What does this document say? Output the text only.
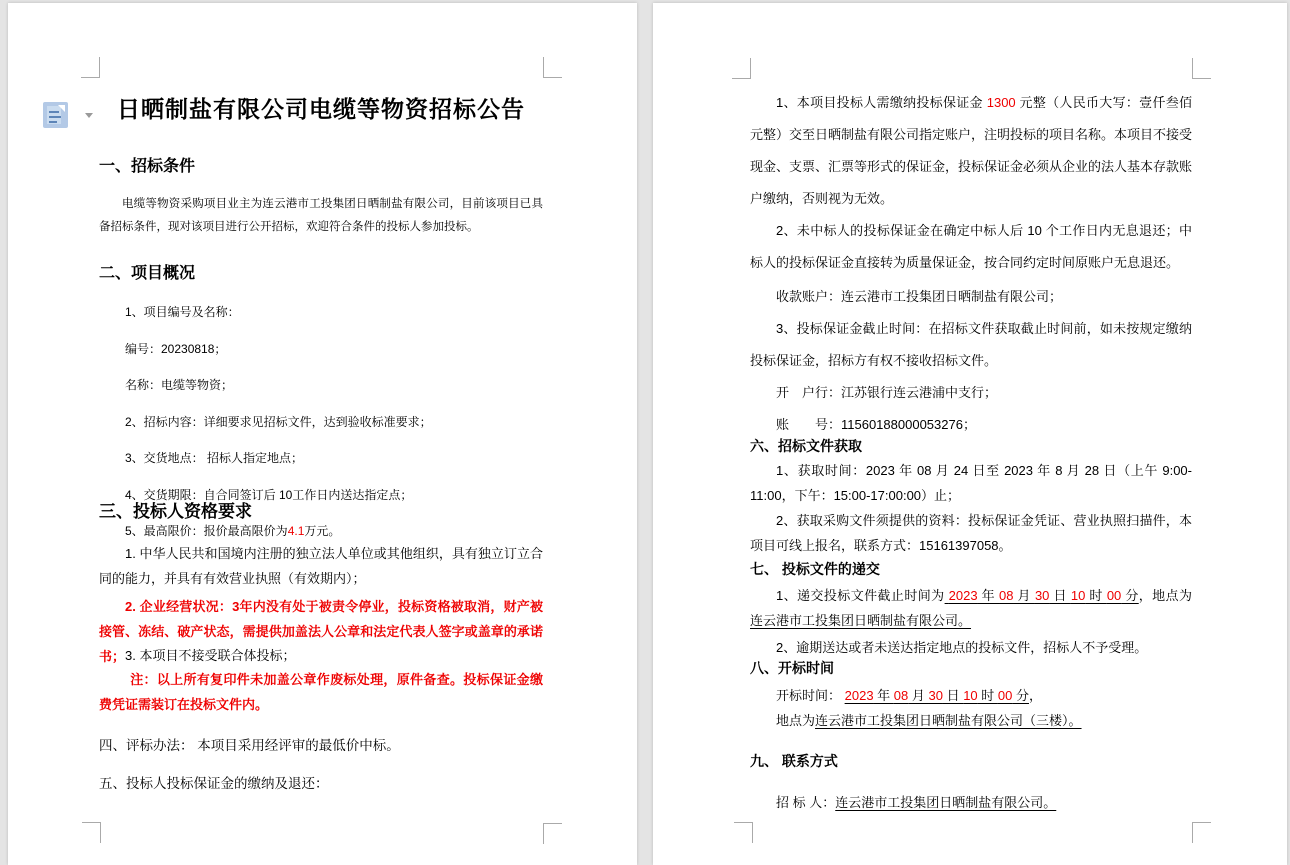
日晒制盐有限公司电缆等物资招标公告
一、招标条件
电缆等物资采购项目业主为连云港市工投集团日晒制盐有限公司，目前该项目已具备招标条件，现对该项目进行公开招标，欢迎符合条件的投标人参加投标。
二、项目概况
1、项目编号及名称：
编号：20230818；
名称：电缆等物资；
2、招标内容：详细要求见招标文件，达到验收标准要求；
3、交货地点： 招标人指定地点；
4、交货期限：自合同签订后 10工作日内送达指定点；
5、最高限价：报价最高限价为4.1万元。
三、投标人资格要求
1. 中华人民共和国境内注册的独立法人单位或其他组织，具有独立订立合同的能力，并具有有效营业执照（有效期内）；
2. 企业经营状况：3年内没有处于被责令停业，投标资格被取消，财产被接管、冻结、破产状态，需提供加盖法人公章和法定代表人签字或盖章的承诺书； 3. 本项目不接受联合体投标；
注：以上所有复印件未加盖公章作废标处理，原件备查。投标保证金缴费凭证需装订在投标文件内。
四、评标办法： 本项目采用经评审的最低价中标。
五、投标人投标保证金的缴纳及退还：
1、本项目投标人需缴纳投标保证金 1300 元整（人民币大写：壹仟叁佰元整）交至日晒制盐有限公司指定账户，注明投标的项目名称。本项目不接受现金、支票、汇票等形式的保证金，投标保证金必须从企业的法人基本存款账户缴纳，否则视为无效。
2、未中标人的投标保证金在确定中标人后 10 个工作日内无息退还；中标人的投标保证金直接转为质量保证金，按合同约定时间原账户无息退还。
收款账户：连云港市工投集团日晒制盐有限公司；
3、投标保证金截止时间：在招标文件获取截止时间前，如未按规定缴纳投标保证金，招标方有权不接收招标文件。
开　户行：江苏银行连云港浦中支行；
账　　号：11560188000053276；
六、招标文件获取
1、获取时间：2023 年 08 月 24 日至 2023 年 8 月 28 日（上午 9:00-11:00，下午：15:00-17:00:00）止；
2、获取采购文件须提供的资料：投标保证金凭证、营业执照扫描件，本项目可线上报名，联系方式：15161397058。
七、 投标文件的递交
1、递交投标文件截止时间为 2023 年 08 月 30 日 10 时 00 分，地点为连云港市工投集团日晒制盐有限公司。
2、逾期送达或者未送达指定地点的投标文件，招标人不予受理。
八、开标时间
开标时间： 2023 年 08 月 30 日 10 时 00 分，
地点为连云港市工投集团日晒制盐有限公司（三楼）。
九、 联系方式
招 标 人：连云港市工投集团日晒制盐有限公司。
